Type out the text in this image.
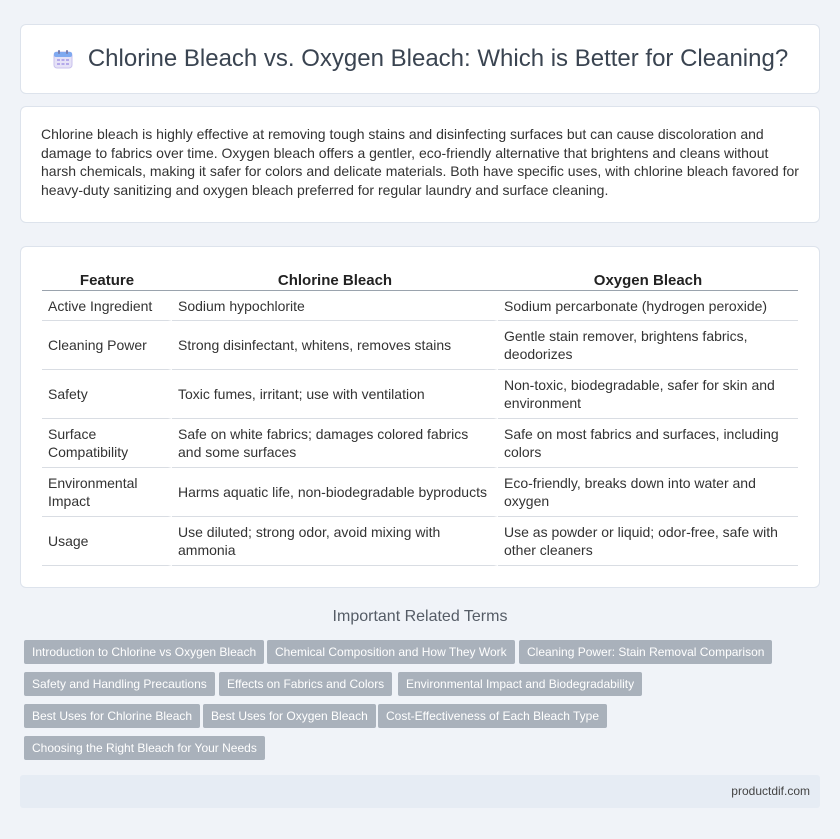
Chlorine Bleach vs. Oxygen Bleach: Which is Better for Cleaning?

Chlorine bleach is highly effective at removing tough stains and disinfecting surfaces but can cause discoloration and damage to fabrics over time. Oxygen bleach offers a gentler, eco-friendly alternative that brightens and cleans without harsh chemicals, making it safer for colors and delicate materials. Both have specific uses, with chlorine bleach favored for heavy-duty sanitizing and oxygen bleach preferred for regular laundry and surface cleaning.

Feature	Chlorine Bleach	Oxygen Bleach
Active Ingredient	Sodium hypochlorite	Sodium percarbonate (hydrogen peroxide)
Cleaning Power	Strong disinfectant, whitens, removes stains	Gentle stain remover, brightens fabrics, deodorizes
Safety	Toxic fumes, irritant; use with ventilation	Non-toxic, biodegradable, safer for skin and environment
Surface Compatibility	Safe on white fabrics; damages colored fabrics and some surfaces	Safe on most fabrics and surfaces, including colors
Environmental Impact	Harms aquatic life, non-biodegradable byproducts	Eco-friendly, breaks down into water and oxygen
Usage	Use diluted; strong odor, avoid mixing with ammonia	Use as powder or liquid; odor-free, safe with other cleaners
Important Related Terms
Introduction to Chlorine vs Oxygen Bleach	Chemical Composition and How They Work	Cleaning Power: Stain Removal Comparison
Safety and Handling Precautions	Effects on Fabrics and Colors	Environmental Impact and Biodegradability
Best Uses for Chlorine Bleach	Best Uses for Oxygen Bleach	Cost-Effectiveness of Each Bleach Type
Choosing the Right Bleach for Your Needs
productdif.com
